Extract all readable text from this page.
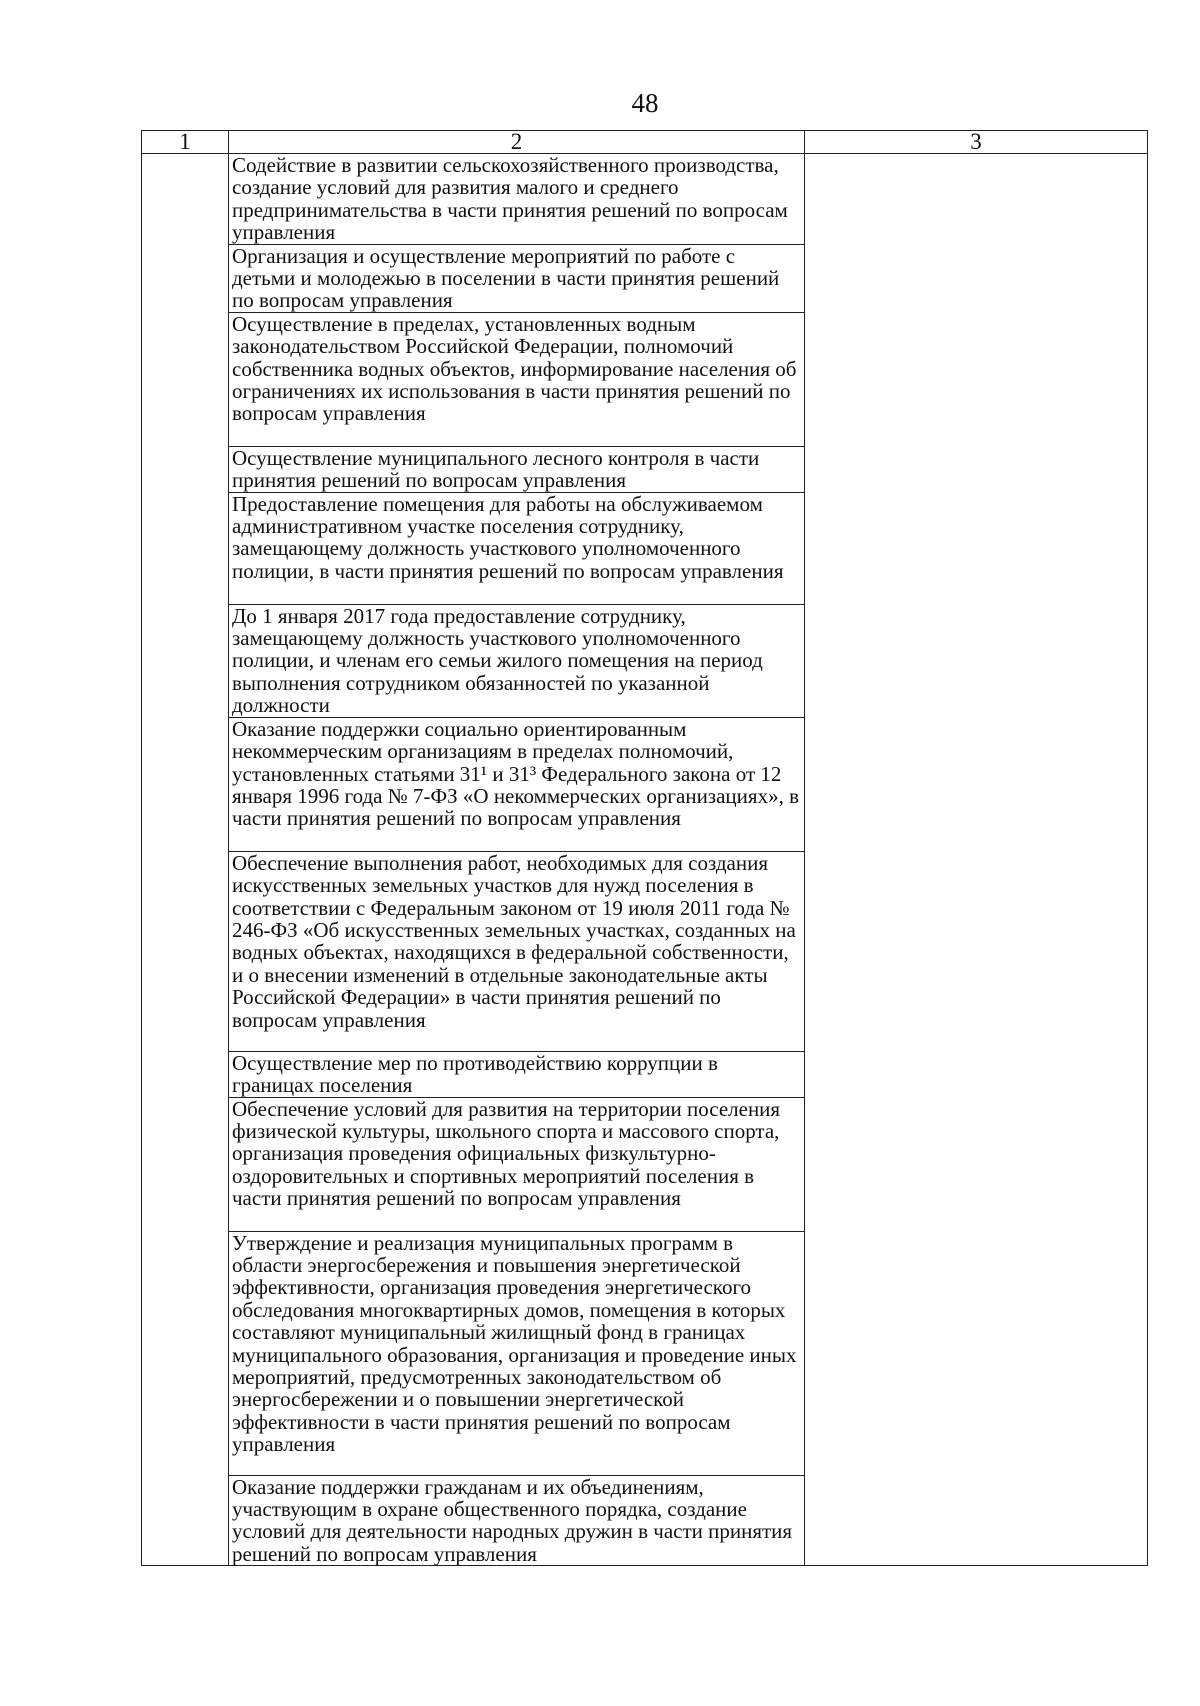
48
1	2	3
	Содействие в развитии сельскохозяйственного производства, создание условий для развития малого и среднего предпринимательства в части принятия решений по вопросам управления	
	Организация и осуществление мероприятий по работе с детьми и молодежью в поселении в части принятия решений по вопросам управления	
	Осуществление в пределах, установленных водным законодательством Российской Федерации, полномочий собственника водных объектов, информирование населения об ограничениях их использования в части принятия решений по вопросам управления	
	Осуществление муниципального лесного контроля в части принятия решений по вопросам управления	
	Предоставление помещения для работы на обслуживаемом административном участке поселения сотруднику, замещающему должность участкового уполномоченного полиции, в части принятия решений по вопросам управления	
	До 1 января 2017 года предоставление сотруднику, замещающему должность участкового уполномоченного полиции, и членам его семьи жилого помещения на период выполнения сотрудником обязанностей по указанной должности	
	Оказание поддержки социально ориентированным некоммерческим организациям в пределах полномочий, установленных статьями 31¹ и 31³ Федерального закона от 12 января 1996 года № 7-ФЗ «О некоммерческих организациях», в части принятия решений по вопросам управления	
	Обеспечение выполнения работ, необходимых для создания искусственных земельных участков для нужд поселения в соответствии с Федеральным законом от 19 июля 2011 года № 246-ФЗ «Об искусственных земельных участках, созданных на водных объектах, находящихся в федеральной собственности, и о внесении изменений в отдельные законодательные акты Российской Федерации» в части принятия решений по вопросам управления	
	Осуществление мер по противодействию коррупции в границах поселения	
	Обеспечение условий для развития на территории поселения физической культуры, школьного спорта и массового спорта, организация проведения официальных физкультурно-оздоровительных и спортивных мероприятий поселения в части принятия решений по вопросам управления	
	Утверждение и реализация муниципальных программ в области энергосбережения и повышения энергетической эффективности, организация проведения энергетического обследования многоквартирных домов, помещения в которых составляют муниципальный жилищный фонд в границах муниципального образования, организация и проведение иных мероприятий, предусмотренных законодательством об энергосбережении и о повышении энергетической эффективности в части принятия решений по вопросам управления	
	Оказание поддержки гражданам и их объединениям, участвующим в охране общественного порядка, создание условий для деятельности народных дружин в части принятия решений по вопросам управления	
